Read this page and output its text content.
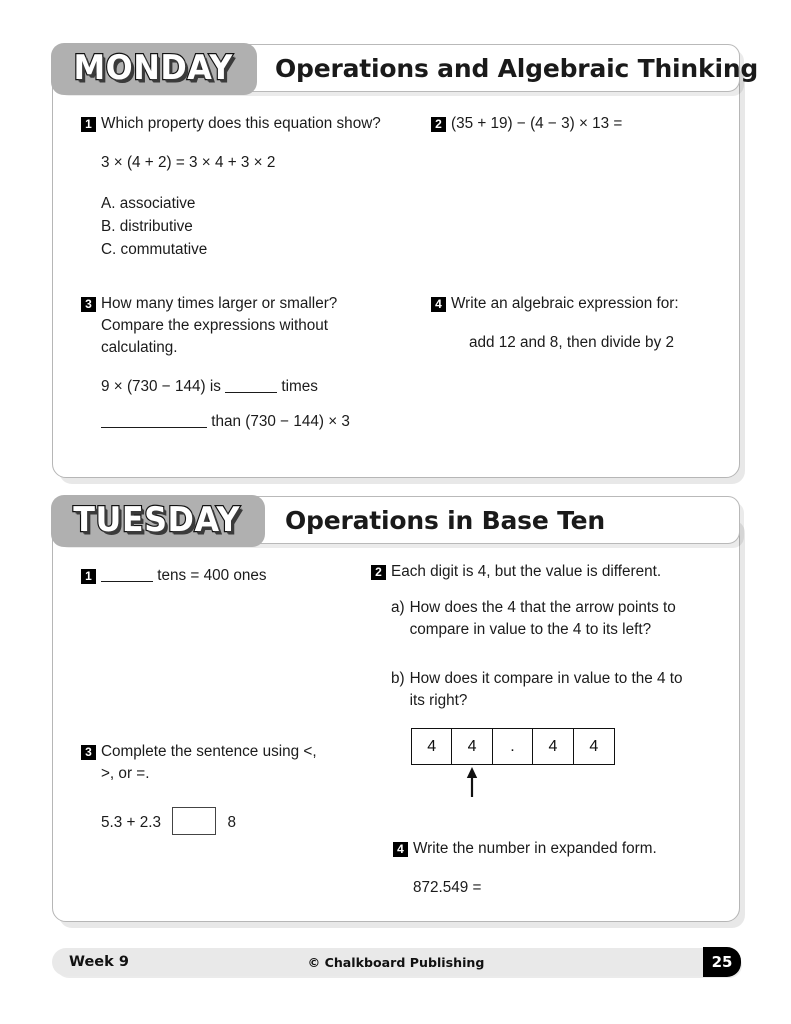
1 Which property does this equation show?
3 × (4 + 2) = 3 × 4 + 3 × 2
A. associative
B. distributive
C. commutative
2 (35 + 19) − (4 − 3) × 13 =
3 How many times larger or smaller? Compare the expressions without calculating.
9 × (730 − 144) is	times
than (730 − 144) × 3
4 Write an algebraic expression for:
add 12 and 8, then divide by 2
Operations and Algebraic Thinking
MONDAY
1	tens = 400 ones	2 Each digit is 4, but the value is different.
a) How does the 4 that the arrow points to compare in value to the 4 to its left?
b) How does it compare in value to the 4 to its right?
4	4	.	4	4
3 Complete the sentence using <, >, or =.
5.3 + 2.3	8
4 Write the number in expanded form.
872.549 =
Operations in Base Ten
TUESDAY
Week 9	© Chalkboard Publishing	25
